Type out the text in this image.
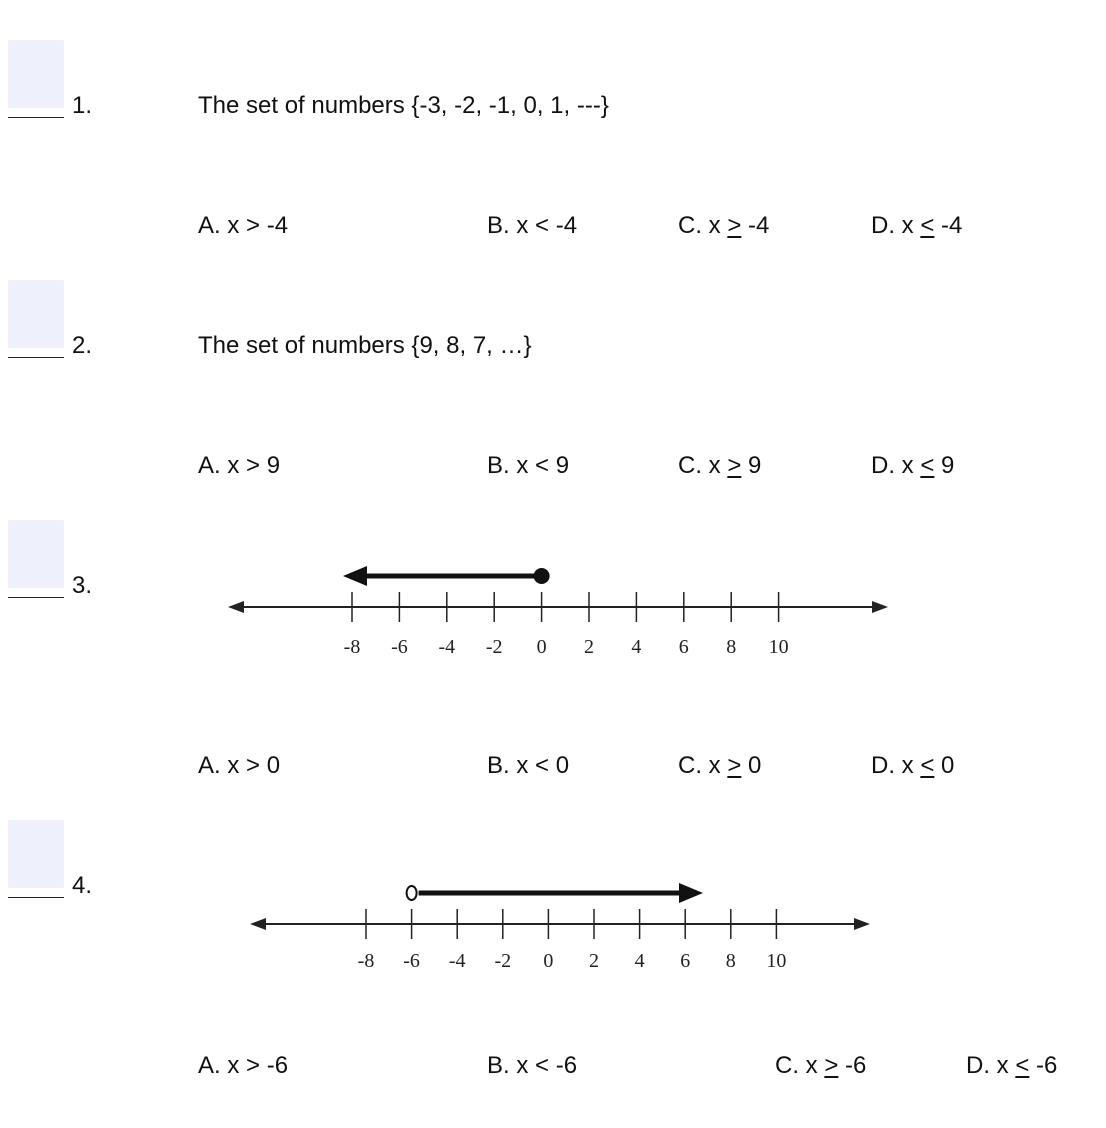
1.	The set of numbers {-3, -2, -1, 0, 1, ---}
A. x > -4	B. x < -4	C. x > -4	D. x < -4
2.	The set of numbers {9, 8, 7, …}
A. x > 9	B. x < 9	C. x > 9	D. x < 9
3.
-8 -6 -4 -2 0 2 4 6 8 10
A. x > 0	B. x < 0	C. x > 0	D. x < 0
4.
-8 -6 -4 -2 0 2 4 6 8 10
A. x > -6	B. x < -6	C. x > -6	D. x < -6
